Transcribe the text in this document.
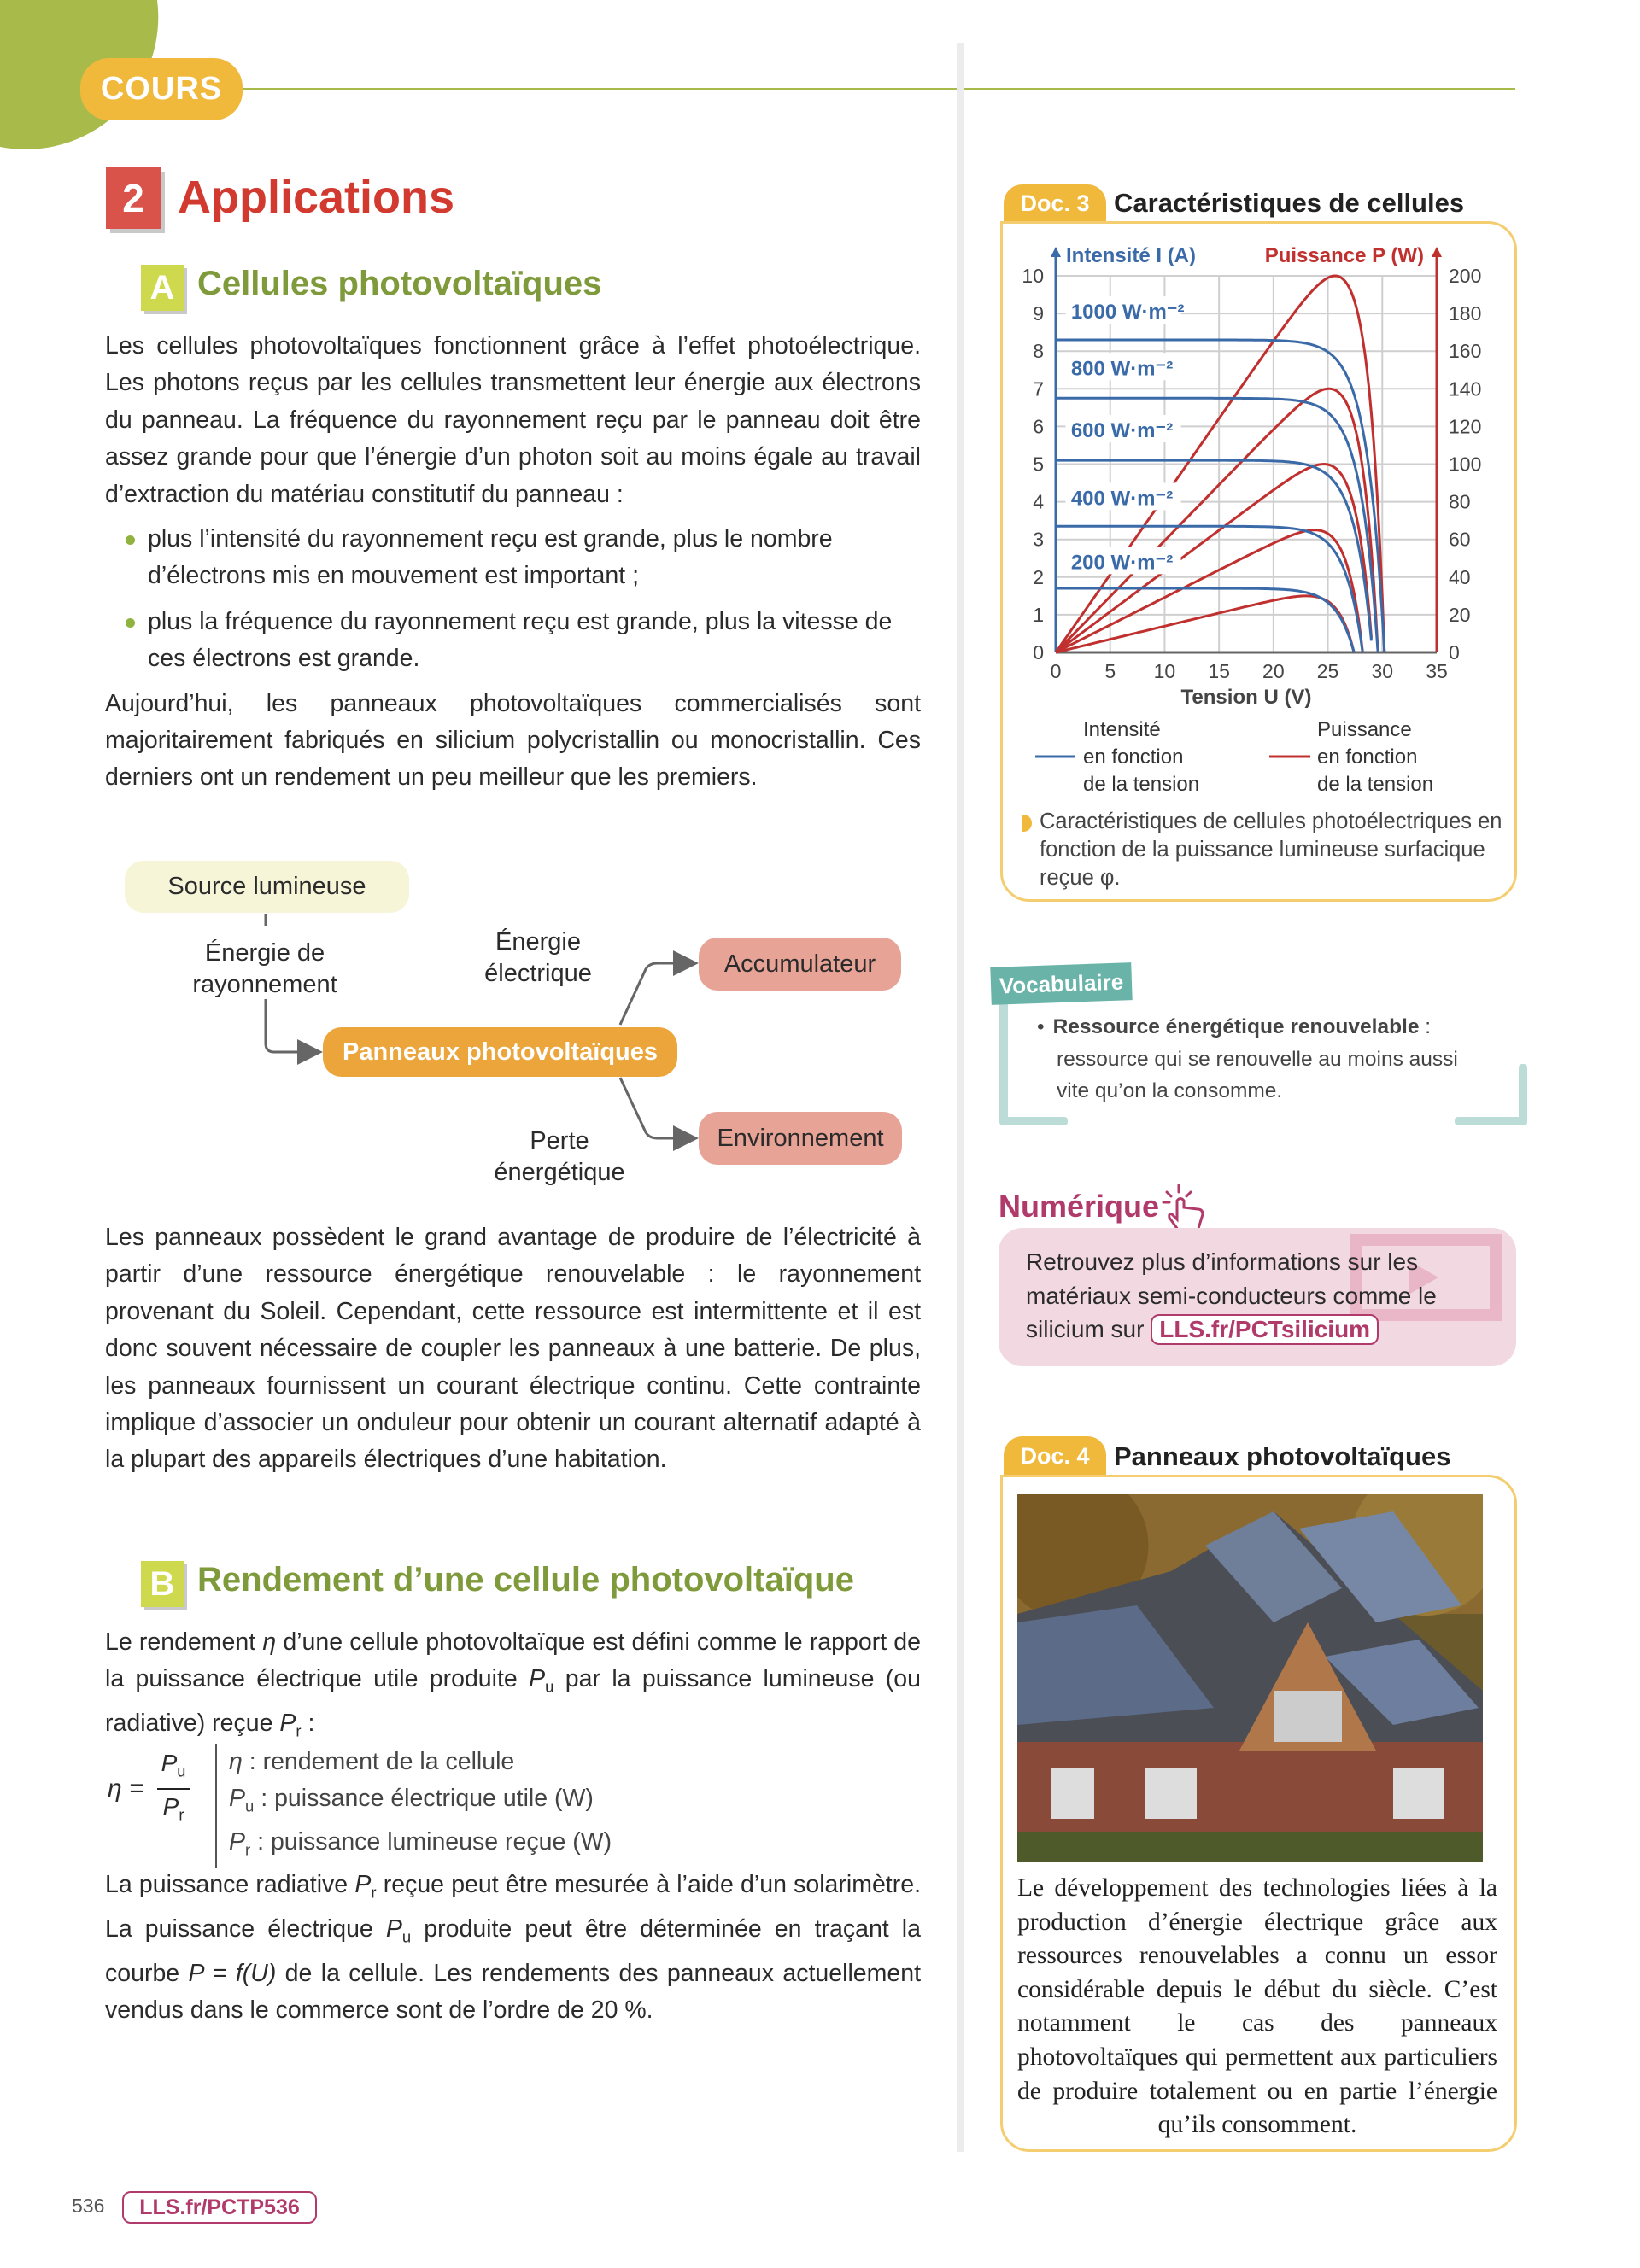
COURS
2 Applications
A Cellules photovoltaïques

Les cellules photovoltaïques fonctionnent grâce à l’effet photoélectrique. Les photons reçus par les cellules transmettent leur énergie aux électrons du panneau. La fréquence du rayonnement reçu par le panneau doit être assez grande pour que l’énergie d’un photon soit au moins égale au travail d’extraction du matériau constitutif du panneau :

plus l’intensité du rayonnement reçu est grande, plus le nombre d’électrons mis en mouvement est important ;
plus la fréquence du rayonnement reçu est grande, plus la vitesse de ces électrons est grande.

Aujourd’hui, les panneaux photovoltaïques commercialisés sont majoritairement fabriqués en silicium polycristallin ou monocristallin. Ces derniers ont un rendement un peu meilleur que les premiers.

Source lumineuse
Énergie de
rayonnement
Panneaux photovoltaïques
Énergie
électrique	Accumulateur
Perte
énergétique
Environnement

Les panneaux possèdent le grand avantage de produire de l’électricité à partir d’une ressource énergétique renouvelable : le rayonnement provenant du Soleil. Cependant, cette ressource est intermittente et il est donc souvent nécessaire de coupler les panneaux à une batterie. De plus, les panneaux fournissent un courant électrique continu. Cette contrainte implique d’associer un onduleur pour obtenir un courant alternatif adapté à la plupart des appareils électriques d’une habitation.

B Rendement d’une cellule photovoltaïque

Le rendement η d’une cellule photovoltaïque est défini comme le rapport de la puissance électrique utile produite $P_u$ par la puissance lumineuse (ou radiative) reçue $P_r$ :

$\eta = \frac{P_u}{P_r}$ η : rendement de la cellule
$P_u$ : puissance électrique utile (W)
$P_r$ : puissance lumineuse reçue (W)

La puissance radiative $P_r$ reçue peut être mesurée à l’aide d’un solarimètre. La puissance électrique $P_u$ produite peut être déterminée en traçant la courbe P = f(U) de la cellule. Les rendements des panneaux actuellement vendus dans le commerce sont de l’ordre de 20 %.

536	LLS.fr/PCTP536
Doc. 3 Caractéristiques de cellules
0 5 10 15 20 25 30 35
0
1
2
3
4
5
6
7
8
9
10
0
20
40
60
80
100
120
140
160
180
200
Intensité I (A)	Puissance P (W)
Tension U (V)
1000 W·m⁻²
800 W·m⁻²
600 W·m⁻²
400 W·m⁻²
200 W·m⁻²
Intensité
en fonction
de la tension
Puissance
en fonction
de la tension
Caractéristiques de cellules photoélectriques en fonction de la puissance lumineuse surfacique reçue φ.
Vocabulaire
• Ressource énergétique renouvelable :
ressource qui se renouvelle au moins aussi vite qu’on la consomme.
Numérique
Retrouvez plus d’informations sur les matériaux semi-conducteurs comme le silicium sur LLS.fr/PCTsilicium
Doc. 4 Panneaux photovoltaïques
Le développement des technologies liées à la production d’énergie électrique grâce aux ressources renouvelables a connu un essor considérable depuis le début du siècle. C’est notamment le cas des panneaux photovoltaïques qui permettent aux particuliers de produire totalement ou en partie l’énergie qu’ils consomment.
